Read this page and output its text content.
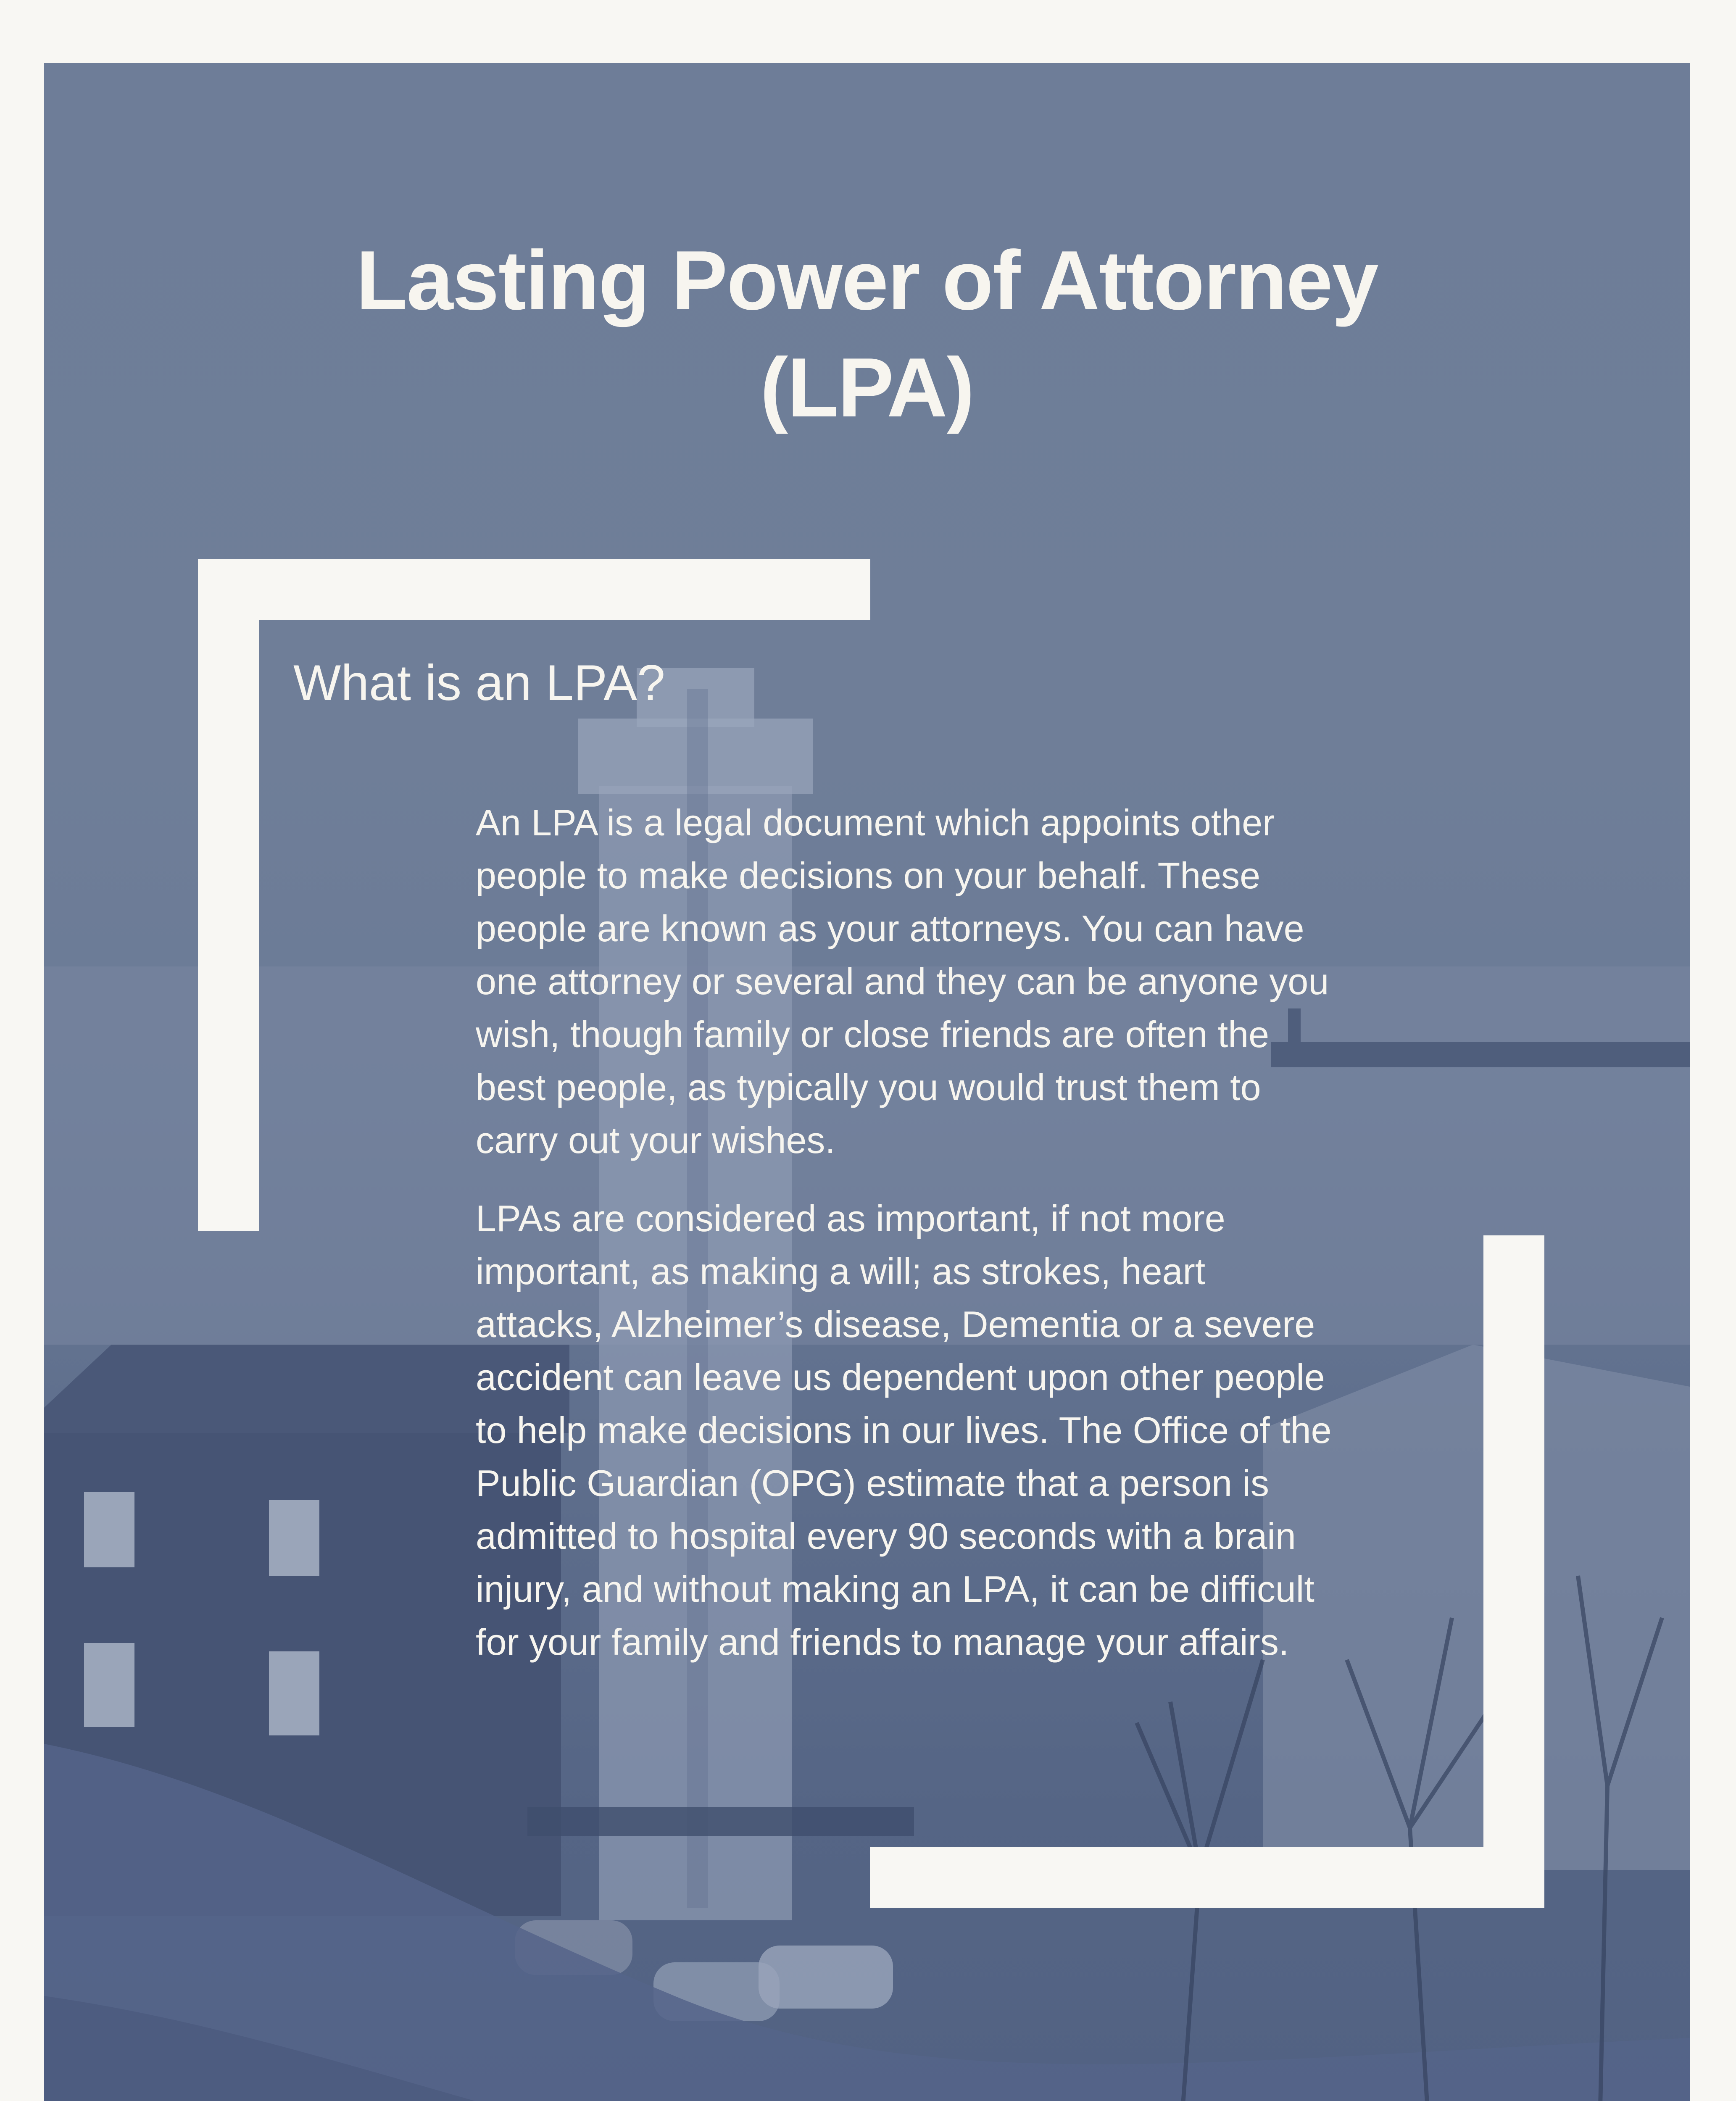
Lasting Power of Attorney
(LPA)
What is an LPA?

An LPA is a legal document which appoints other people to make decisions on your behalf. These people are known as your attorneys. You can have one attorney or several and they can be anyone you wish, though family or close friends are often the best people, as typically you would trust them to carry out your wishes.

LPAs are considered as important, if not more important, as making a will; as strokes, heart attacks, Alzheimer’s disease, Dementia or a severe accident can leave us dependent upon other people to help make decisions in our lives. The Office of the Public Guardian (OPG) estimate that a person is admitted to hospital every 90 seconds with a brain injury, and without making an LPA, it can be difficult for your family and friends to manage your affairs.
